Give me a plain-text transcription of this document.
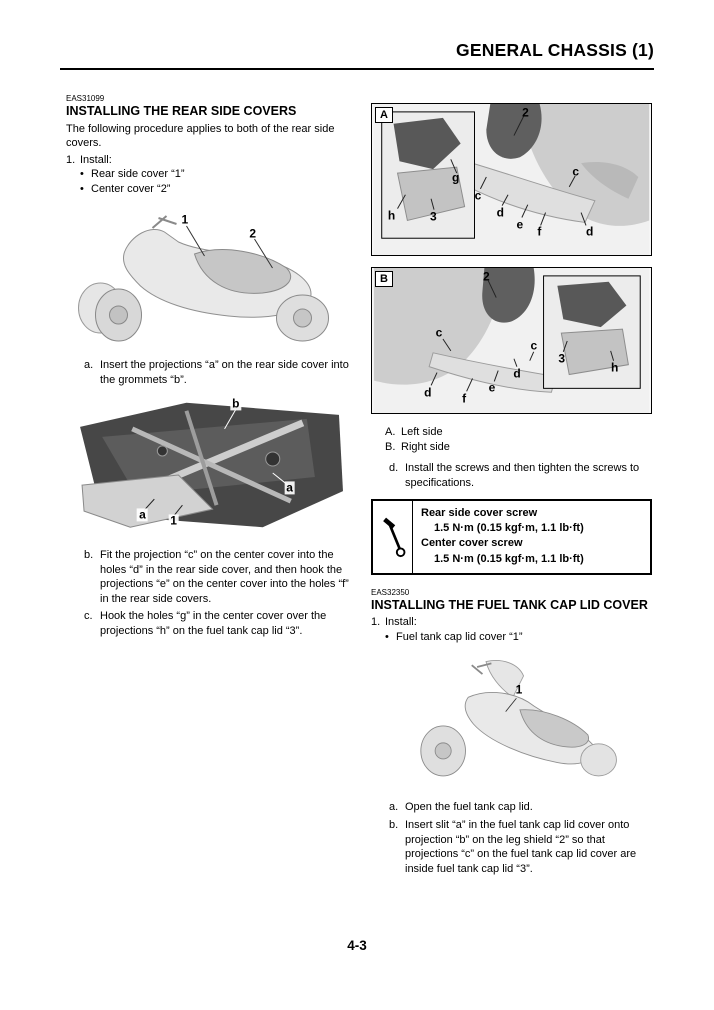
GENERAL CHASSIS (1)
EAS31099
INSTALLING THE REAR SIDE COVERS
The following procedure applies to both of the rear side covers.
1. Install:
• Rear side cover “1”
• Center cover “2”
1
2
a. Insert the projections “a” on the rear side cover into the grommets “b”.
b
a
a 1
b. Fit the projection “c” on the center cover into the holes “d” in the rear side cover, and then hook the projections “e” on the center cover into the holes “f” in the rear side covers.
c. Hook the holes “g” in the center cover over the projections “h” on the fuel tank cap lid “3”.
A	2
g
h	3
c
d
e
f
c
d
B	2
c
c
d
e
f
d
3
h
A. Left side
B. Right side
d. Install the screws and then tighten the screws to specifications.
Rear side cover screw
1.5 N·m (0.15 kgf·m, 1.1 lb·ft)
Center cover screw
1.5 N·m (0.15 kgf·m, 1.1 lb·ft)
EAS32350
INSTALLING THE FUEL TANK CAP LID COVER
1. Install:
• Fuel tank cap lid cover “1”
1
a. Open the fuel tank cap lid.
b. Insert slit “a” in the fuel tank cap lid cover onto projection “b” on the leg shield “2” so that projections “c” on the fuel tank cap lid cover are inside fuel tank cap lid “3”.
4-3
